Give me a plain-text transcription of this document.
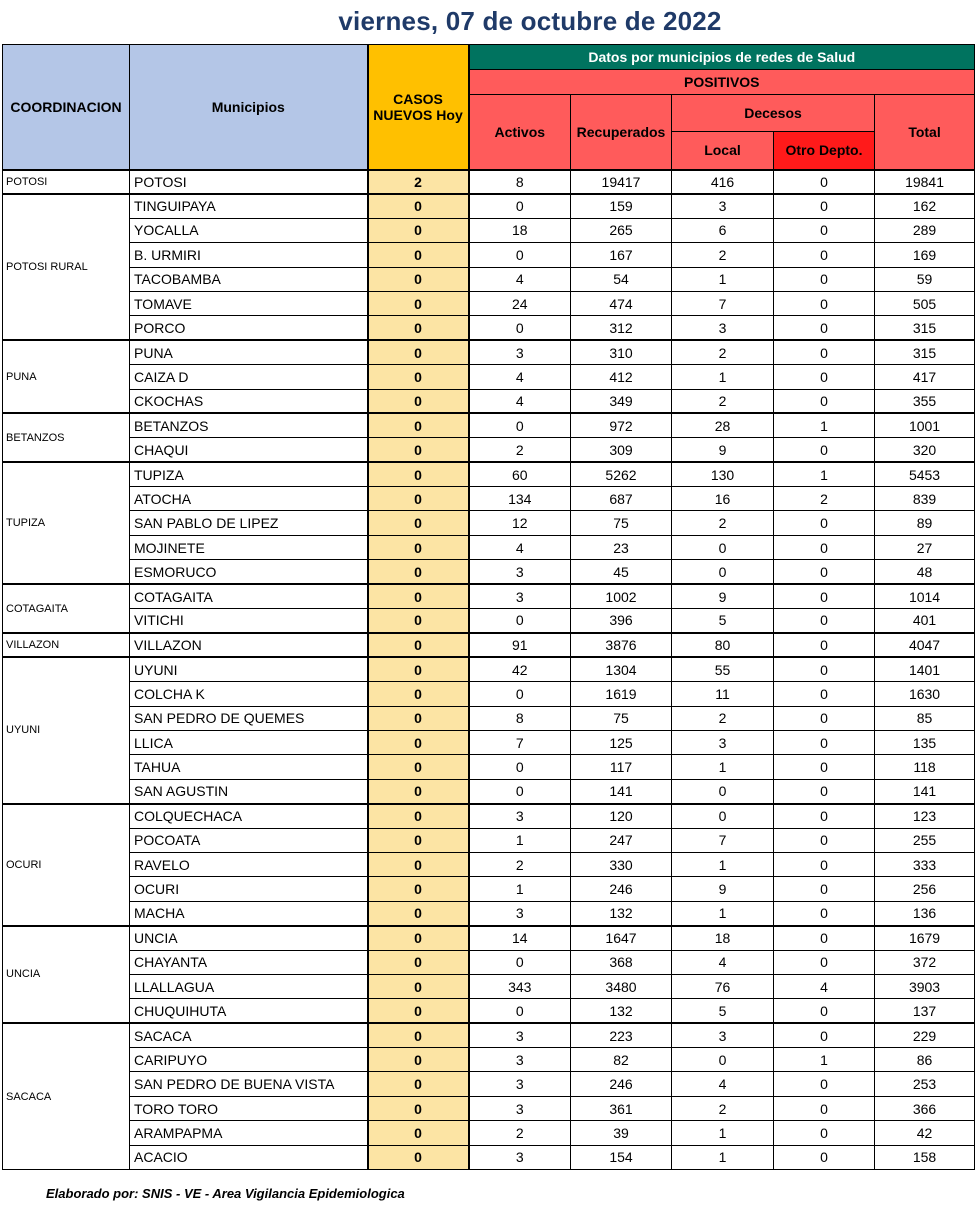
viernes, 07 de octubre de 2022
COORDINACION	Municipios	CASOS NUEVOS Hoy	Datos por municipios de redes de Salud				
			POSITIVOS				
			Activos	Recuperados	Decesos		Total
					Local	Otro Depto.	
POTOSI	POTOSI	2	8	19417	416	0	19841
POTOSI RURAL	TINGUIPAYA	0	0	159	3	0	162
	YOCALLA	0	18	265	6	0	289
	B. URMIRI	0	0	167	2	0	169
	TACOBAMBA	0	4	54	1	0	59
	TOMAVE	0	24	474	7	0	505
	PORCO	0	0	312	3	0	315
PUNA	PUNA	0	3	310	2	0	315
	CAIZA D	0	4	412	1	0	417
	CKOCHAS	0	4	349	2	0	355
BETANZOS	BETANZOS	0	0	972	28	1	1001
	CHAQUI	0	2	309	9	0	320
TUPIZA	TUPIZA	0	60	5262	130	1	5453
	ATOCHA	0	134	687	16	2	839
	SAN PABLO DE LIPEZ	0	12	75	2	0	89
	MOJINETE	0	4	23	0	0	27
	ESMORUCO	0	3	45	0	0	48
COTAGAITA	COTAGAITA	0	3	1002	9	0	1014
	VITICHI	0	0	396	5	0	401
VILLAZON	VILLAZON	0	91	3876	80	0	4047
UYUNI	UYUNI	0	42	1304	55	0	1401
	COLCHA K	0	0	1619	11	0	1630
	SAN PEDRO DE QUEMES	0	8	75	2	0	85
	LLICA	0	7	125	3	0	135
	TAHUA	0	0	117	1	0	118
	SAN AGUSTIN	0	0	141	0	0	141
OCURI	COLQUECHACA	0	3	120	0	0	123
	POCOATA	0	1	247	7	0	255
	RAVELO	0	2	330	1	0	333
	OCURI	0	1	246	9	0	256
	MACHA	0	3	132	1	0	136
UNCIA	UNCIA	0	14	1647	18	0	1679
	CHAYANTA	0	0	368	4	0	372
	LLALLAGUA	0	343	3480	76	4	3903
	CHUQUIHUTA	0	0	132	5	0	137
SACACA	SACACA	0	3	223	3	0	229
	CARIPUYO	0	3	82	0	1	86
	SAN PEDRO DE BUENA VISTA	0	3	246	4	0	253
	TORO TORO	0	3	361	2	0	366
	ARAMPAPMA	0	2	39	1	0	42
	ACACIO	0	3	154	1	0	158
Elaborado por: SNIS - VE - Area Vigilancia Epidemiologica
